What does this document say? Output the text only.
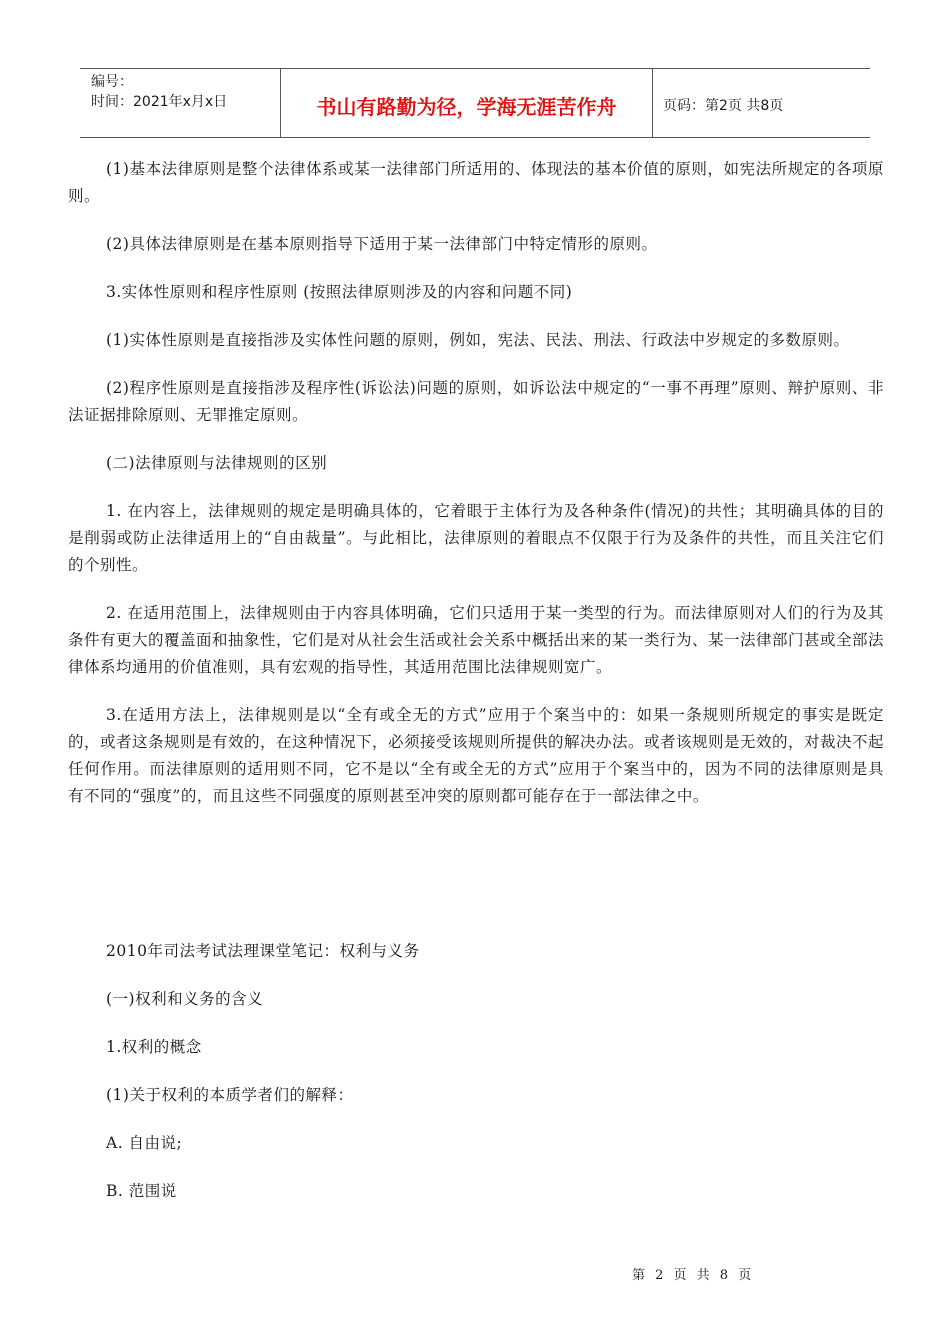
编号：
时间：2021年x月x日	书山有路勤为径，学海无涯苦作舟	页码：第2页 共8页

(1)基本法律原则是整个法律体系或某一法律部门所适用的、体现法的基本价值的原则，如宪法所规定的各项原则。

(2)具体法律原则是在基本原则指导下适用于某一法律部门中特定情形的原则。

3.实体性原则和程序性原则 (按照法律原则涉及的内容和问题不同)

(1)实体性原则是直接指涉及实体性问题的原则，例如，宪法、民法、刑法、行政法中岁规定的多数原则。

(2)程序性原则是直接指涉及程序性(诉讼法)问题的原则，如诉讼法中规定的“一事不再理”原则、辩护原则、非法证据排除原则、无罪推定原则。

(二)法律原则与法律规则的区别

1. 在内容上，法律规则的规定是明确具体的，它着眼于主体行为及各种条件(情况)的共性；其明确具体的目的是削弱或防止法律适用上的“自由裁量”。与此相比，法律原则的着眼点不仅限于行为及条件的共性，而且关注它们的个别性。

2. 在适用范围上，法律规则由于内容具体明确，它们只适用于某一类型的行为。而法律原则对人们的行为及其条件有更大的覆盖面和抽象性，它们是对从社会生活或社会关系中概括出来的某一类行为、某一法律部门甚或全部法律体系均通用的价值准则，具有宏观的指导性，其适用范围比法律规则宽广。

3.在适用方法上，法律规则是以“全有或全无的方式”应用于个案当中的：如果一条规则所规定的事实是既定的，或者这条规则是有效的，在这种情况下，必须接受该规则所提供的解决办法。或者该规则是无效的，对裁决不起任何作用。而法律原则的适用则不同，它不是以“全有或全无的方式”应用于个案当中的，因为不同的法律原则是具有不同的“强度”的，而且这些不同强度的原则甚至冲突的原则都可能存在于一部法律之中。

2010年司法考试法理课堂笔记：权利与义务

(一)权利和义务的含义

1.权利的概念

(1)关于权利的本质学者们的解释：

A. 自由说;

B. 范围说

第 2 页 共 8 页
